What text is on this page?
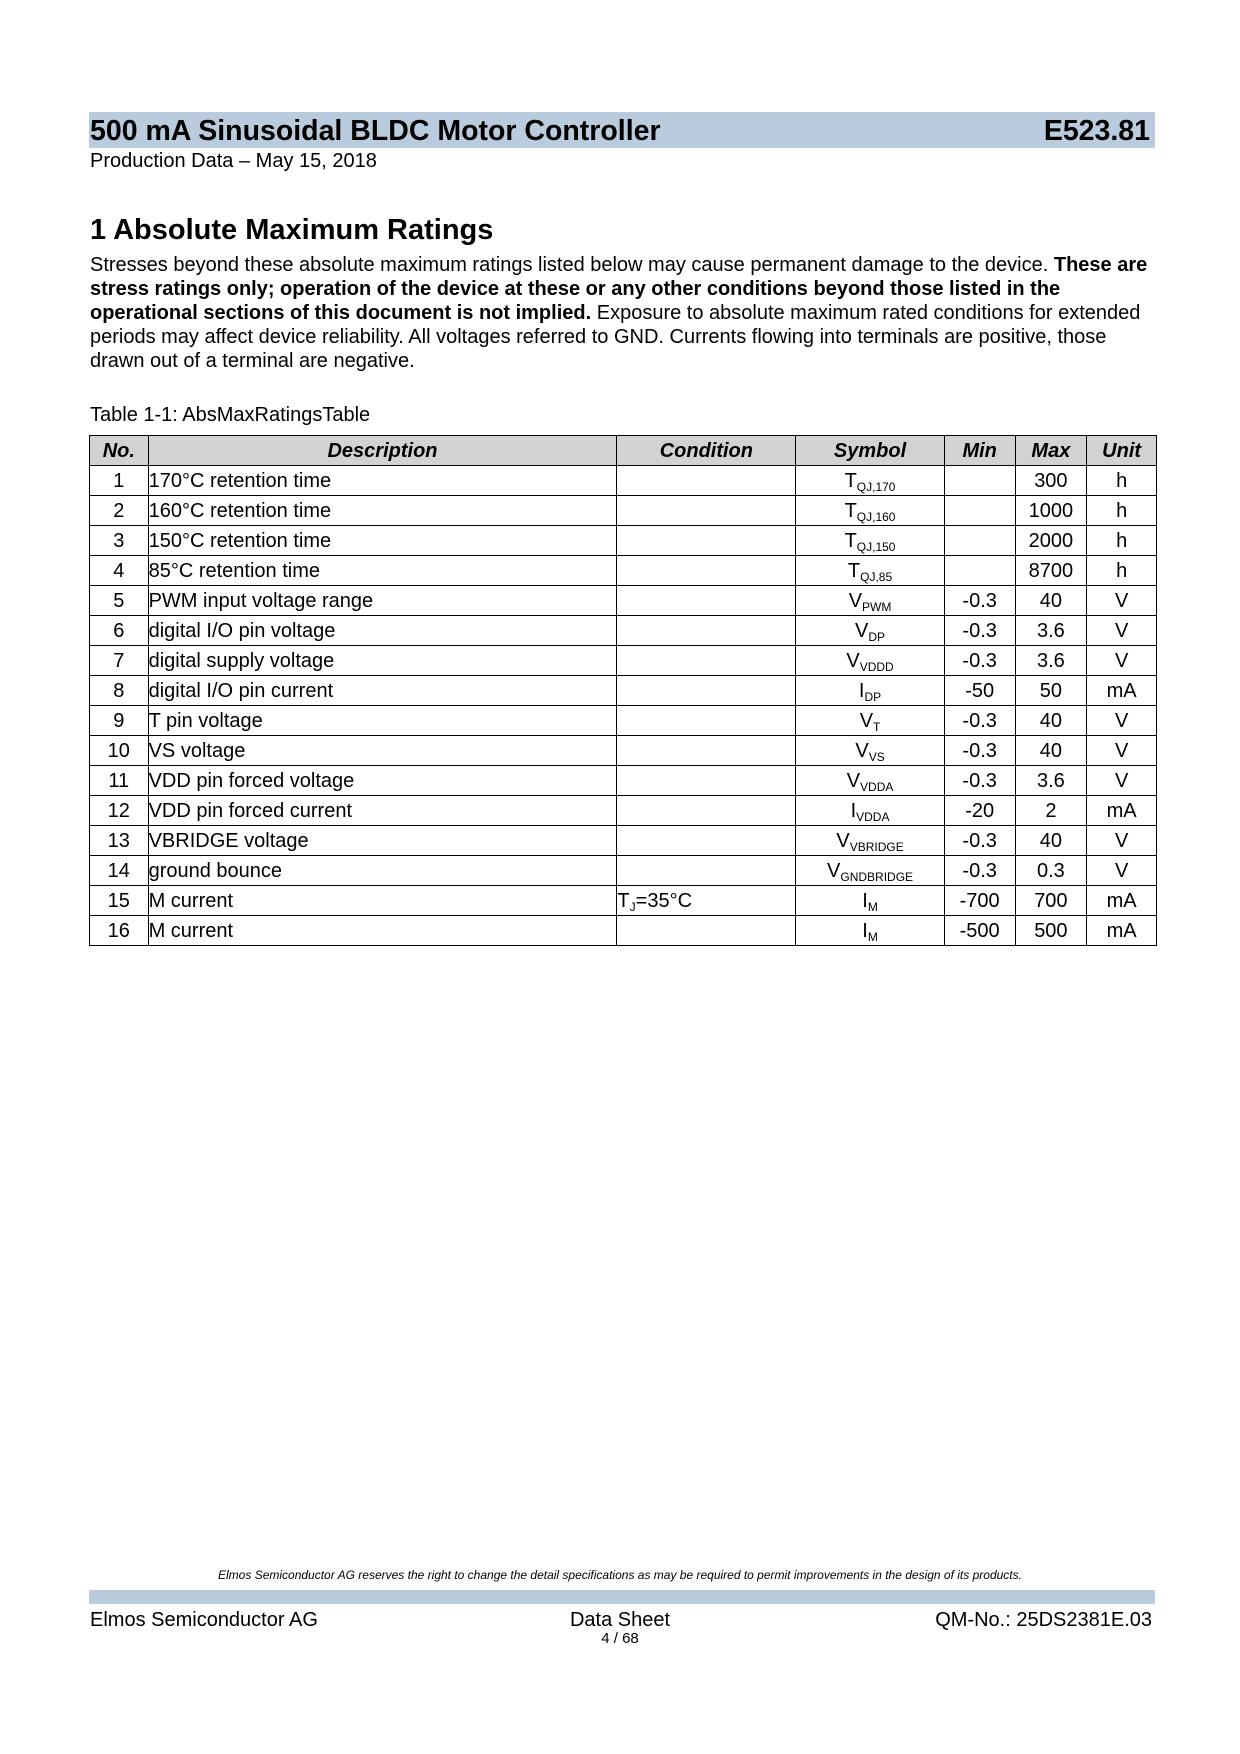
500 mA Sinusoidal BLDC Motor Controller	E523.81
Production Data – May 15, 2018
1 Absolute Maximum Ratings
Stresses beyond these absolute maximum ratings listed below may cause permanent damage to the device. These are stress ratings only; operation of the device at these or any other conditions beyond those listed in the operational sections of this document is not implied. Exposure to absolute maximum rated conditions for extended periods may affect device reliability. All voltages referred to GND. Currents flowing into terminals are positive, those drawn out of a terminal are negative.
Table 1-1: AbsMaxRatingsTable
No.	Description	Condition	Symbol	Min	Max	Unit
1	170°C retention time		$T_{QJ,170}$		300	h
2	160°C retention time		$T_{QJ,160}$		1000	h
3	150°C retention time		$T_{QJ,150}$		2000	h
4	85°C retention time		$T_{QJ,85}$		8700	h
5	PWM input voltage range		$V_{PWM}$	-0.3	40	V
6	digital I/O pin voltage		$V_{DP}$	-0.3	3.6	V
7	digital supply voltage		$V_{VDDD}$	-0.3	3.6	V
8	digital I/O pin current		$I_{DP}$	-50	50	mA
9	T pin voltage		$V_T$	-0.3	40	V
10	VS voltage		$V_{VS}$	-0.3	40	V
11	VDD pin forced voltage		$V_{VDDA}$	-0.3	3.6	V
12	VDD pin forced current		$I_{VDDA}$	-20	2	mA
13	VBRIDGE voltage		$V_{VBRIDGE}$	-0.3	40	V
14	ground bounce		$V_{GNDBRIDGE}$	-0.3	0.3	V
15	M current	$T_J=35^\circ C$	$I_M$	-700	700	mA
16	M current		$I_M$	-500	500	mA
Elmos Semiconductor AG reserves the right to change the detail specifications as may be required to permit improvements in the design of its products.
Elmos Semiconductor AG	Data Sheet	QM-No.: 25DS2381E.03
4 / 68
